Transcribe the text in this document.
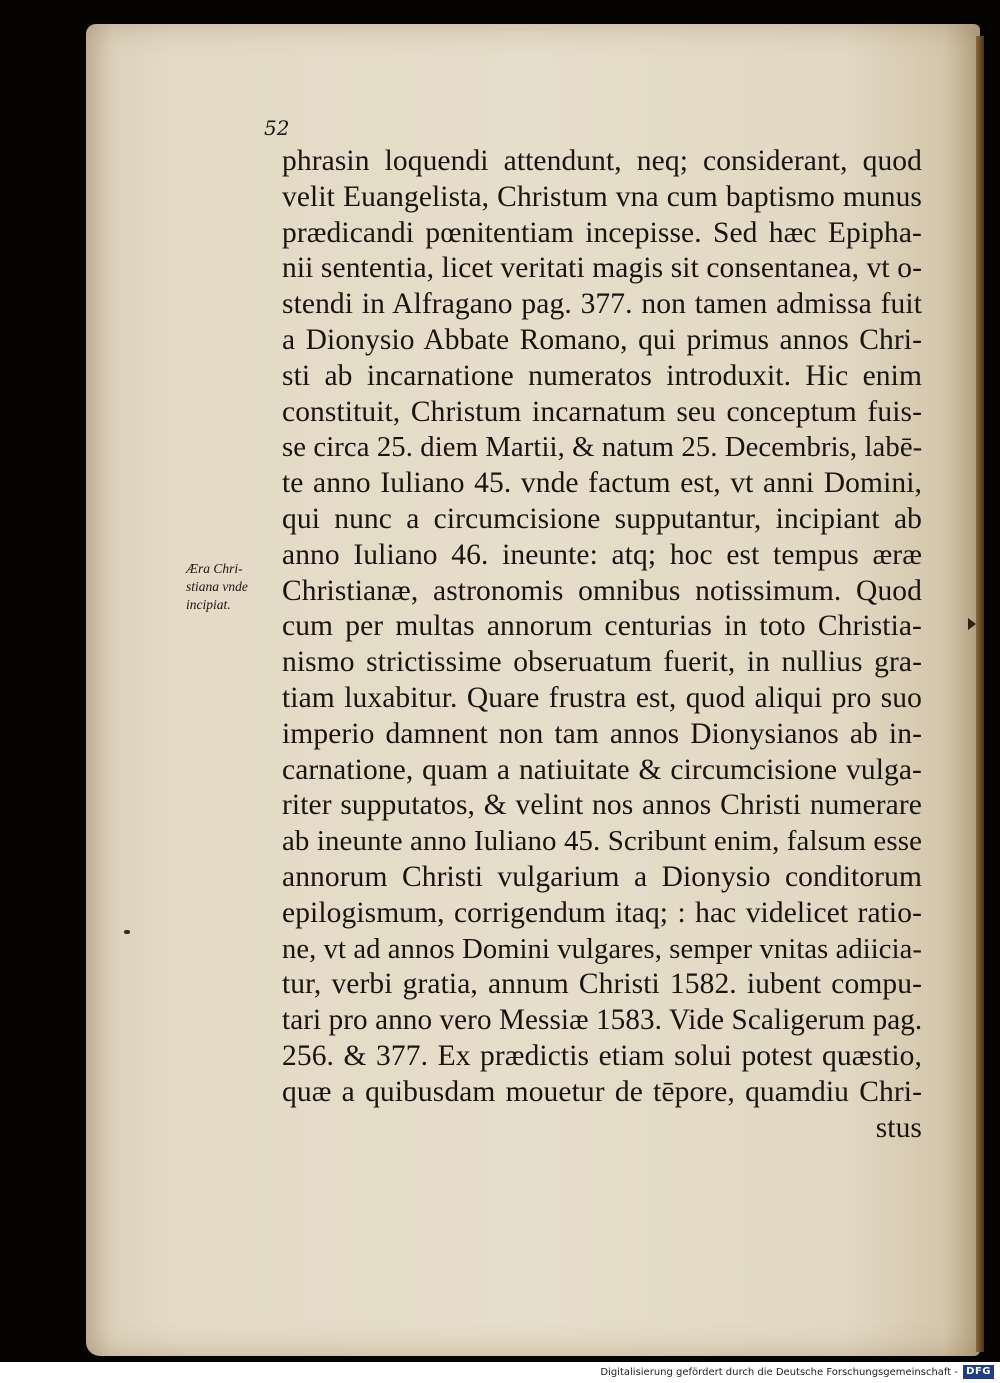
52
Æra Chri-
stiana vnde
incipiat.
phrasin loquendi attendunt, neq; considerant, quod
velit Euangelista, Christum vna cum baptismo munus
prædicandi pœnitentiam incepisse. Sed hæc Epipha-
nii sententia, licet veritati magis sit consentanea, vt o-
stendi in Alfragano pag. 377. non tamen admissa fuit
a Dionysio Abbate Romano, qui primus annos Chri-
sti ab incarnatione numeratos introduxit. Hic enim
constituit, Christum incarnatum seu conceptum fuis-
se circa 25. diem Martii, & natum 25. Decembris, labē-
te anno Iuliano 45. vnde factum est, vt anni Domini,
qui nunc a circumcisione supputantur, incipiant ab
anno Iuliano 46. ineunte: atq; hoc est tempus æræ
Christianæ, astronomis omnibus notissimum. Quod
cum per multas annorum centurias in toto Christia-
nismo strictissime obseruatum fuerit, in nullius gra-
tiam luxabitur. Quare frustra est, quod aliqui pro suo
imperio damnent non tam annos Dionysianos ab in-
carnatione, quam a natiuitate & circumcisione vulga-
riter supputatos, & velint nos annos Christi numerare
ab ineunte anno Iuliano 45. Scribunt enim, falsum esse
annorum Christi vulgarium a Dionysio conditorum
epilogismum, corrigendum itaq; : hac videlicet ratio-
ne, vt ad annos Domini vulgares, semper vnitas adiicia-
tur, verbi gratia, annum Christi 1582. iubent compu-
tari pro anno vero Messiæ 1583. Vide Scaligerum pag.
256. & 377. Ex prædictis etiam solui potest quæstio,
quæ a quibusdam mouetur de tēpore, quamdiu Chri-
stus
Digitalisierung gefördert durch die Deutsche Forschungsgemeinschaft - DFG
